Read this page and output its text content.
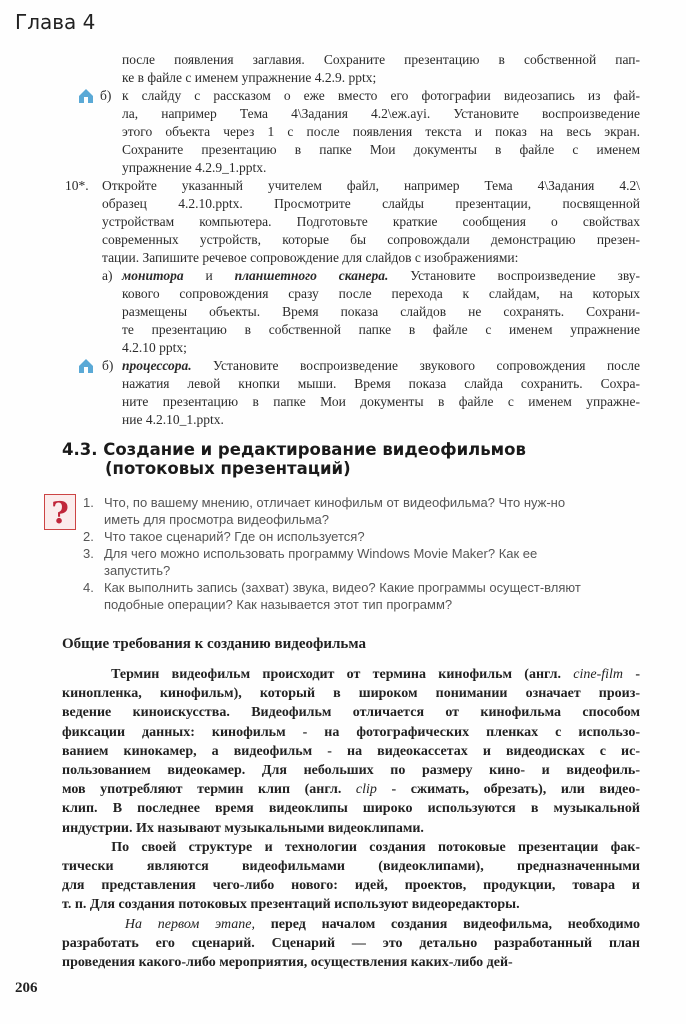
Глава 4
после появления заглавия. Сохраните презентацию в собственной пап-
ке в файле с именем упражнение 4.2.9. pptx;
б) к слайду с рассказом о еже вместо его фотографии видеозапись из фай-
ла, например Тема 4\Задания 4.2\еж.ayi. Установите воспроизведение
этого объекта через 1 с после появления текста и показ на весь экран.
Сохраните презентацию в папке Мои документы в файле с именем
упражнение 4.2.9_1.pptx.
10*. Откройте указанный учителем файл, например Тема 4\Задания 4.2\
образец 4.2.10.pptx. Просмотрите слайды презентации, посвященной
устройствам компьютера. Подготовьте краткие сообщения о свойствах
современных устройств, которые бы сопровождали демонстрацию презен-
тации. Запишите речевое сопровождение для слайдов с изображениями:
а) монитора и планшетного сканера. Установите воспроизведение зву-
кового сопровождения сразу после перехода к слайдам, на которых
размещены объекты. Время показа слайдов не сохранять. Сохрани-
те презентацию в собственной папке в файле с именем упражнение
4.2.10 pptx;
б) процессора. Установите воспроизведение звукового сопровождения после
нажатия левой кнопки мыши. Время показа слайда сохранить. Сохра-
ните презентацию в папке Мои документы в файле с именем упражне-
ние 4.2.10_1.pptx.
4.3. Создание и редактирование видеофильмов
(потоковых презентаций)
? 1. Что, по вашему мнению, отличает кинофильм от видеофильма? Что нуж-но иметь для просмотра видеофильма?
2. Что такое сценарий? Где он используется?
3. Для чего можно использовать программу Windows Movie Maker? Как ее запустить?
4. Как выполнить запись (захват) звука, видео? Какие программы осущест-вляют подобные операции? Как называется этот тип программ?
Общие требования к созданию видеофильма
Термин видеофильм происходит от термина кинофильм (англ. cine-film -
кинопленка, кинофильм), который в широком понимании означает произ-
ведение киноискусства. Видеофильм отличается от кинофильма способом
фиксации данных: кинофильм - на фотографических пленках с использо-
ванием кинокамер, а видеофильм - на видеокассетах и видеодисках с ис-
пользованием видеокамер. Для небольших по размеру кино- и видеофиль-
мов употребляют термин клип (англ. clip - сжимать, обрезать), или видео-
клип. В последнее время видеоклипы широко используются в музыкальной
индустрии. Их называют музыкальными видеоклипами.
По своей структуре и технологии создания потоковые презентации фак-
тически являются видеофильмами (видеоклипами), предназначенными
для представления чего-либо нового: идей, проектов, продукции, товара и
т. п. Для создания потоковых презентаций используют видеоредакторы.
На первом этапе, перед началом создания видеофильма, необходимо
разработать его сценарий. Сценарий — это детально разработанный план
проведения какого-либо мероприятия, осуществления каких-либо дей-
206
